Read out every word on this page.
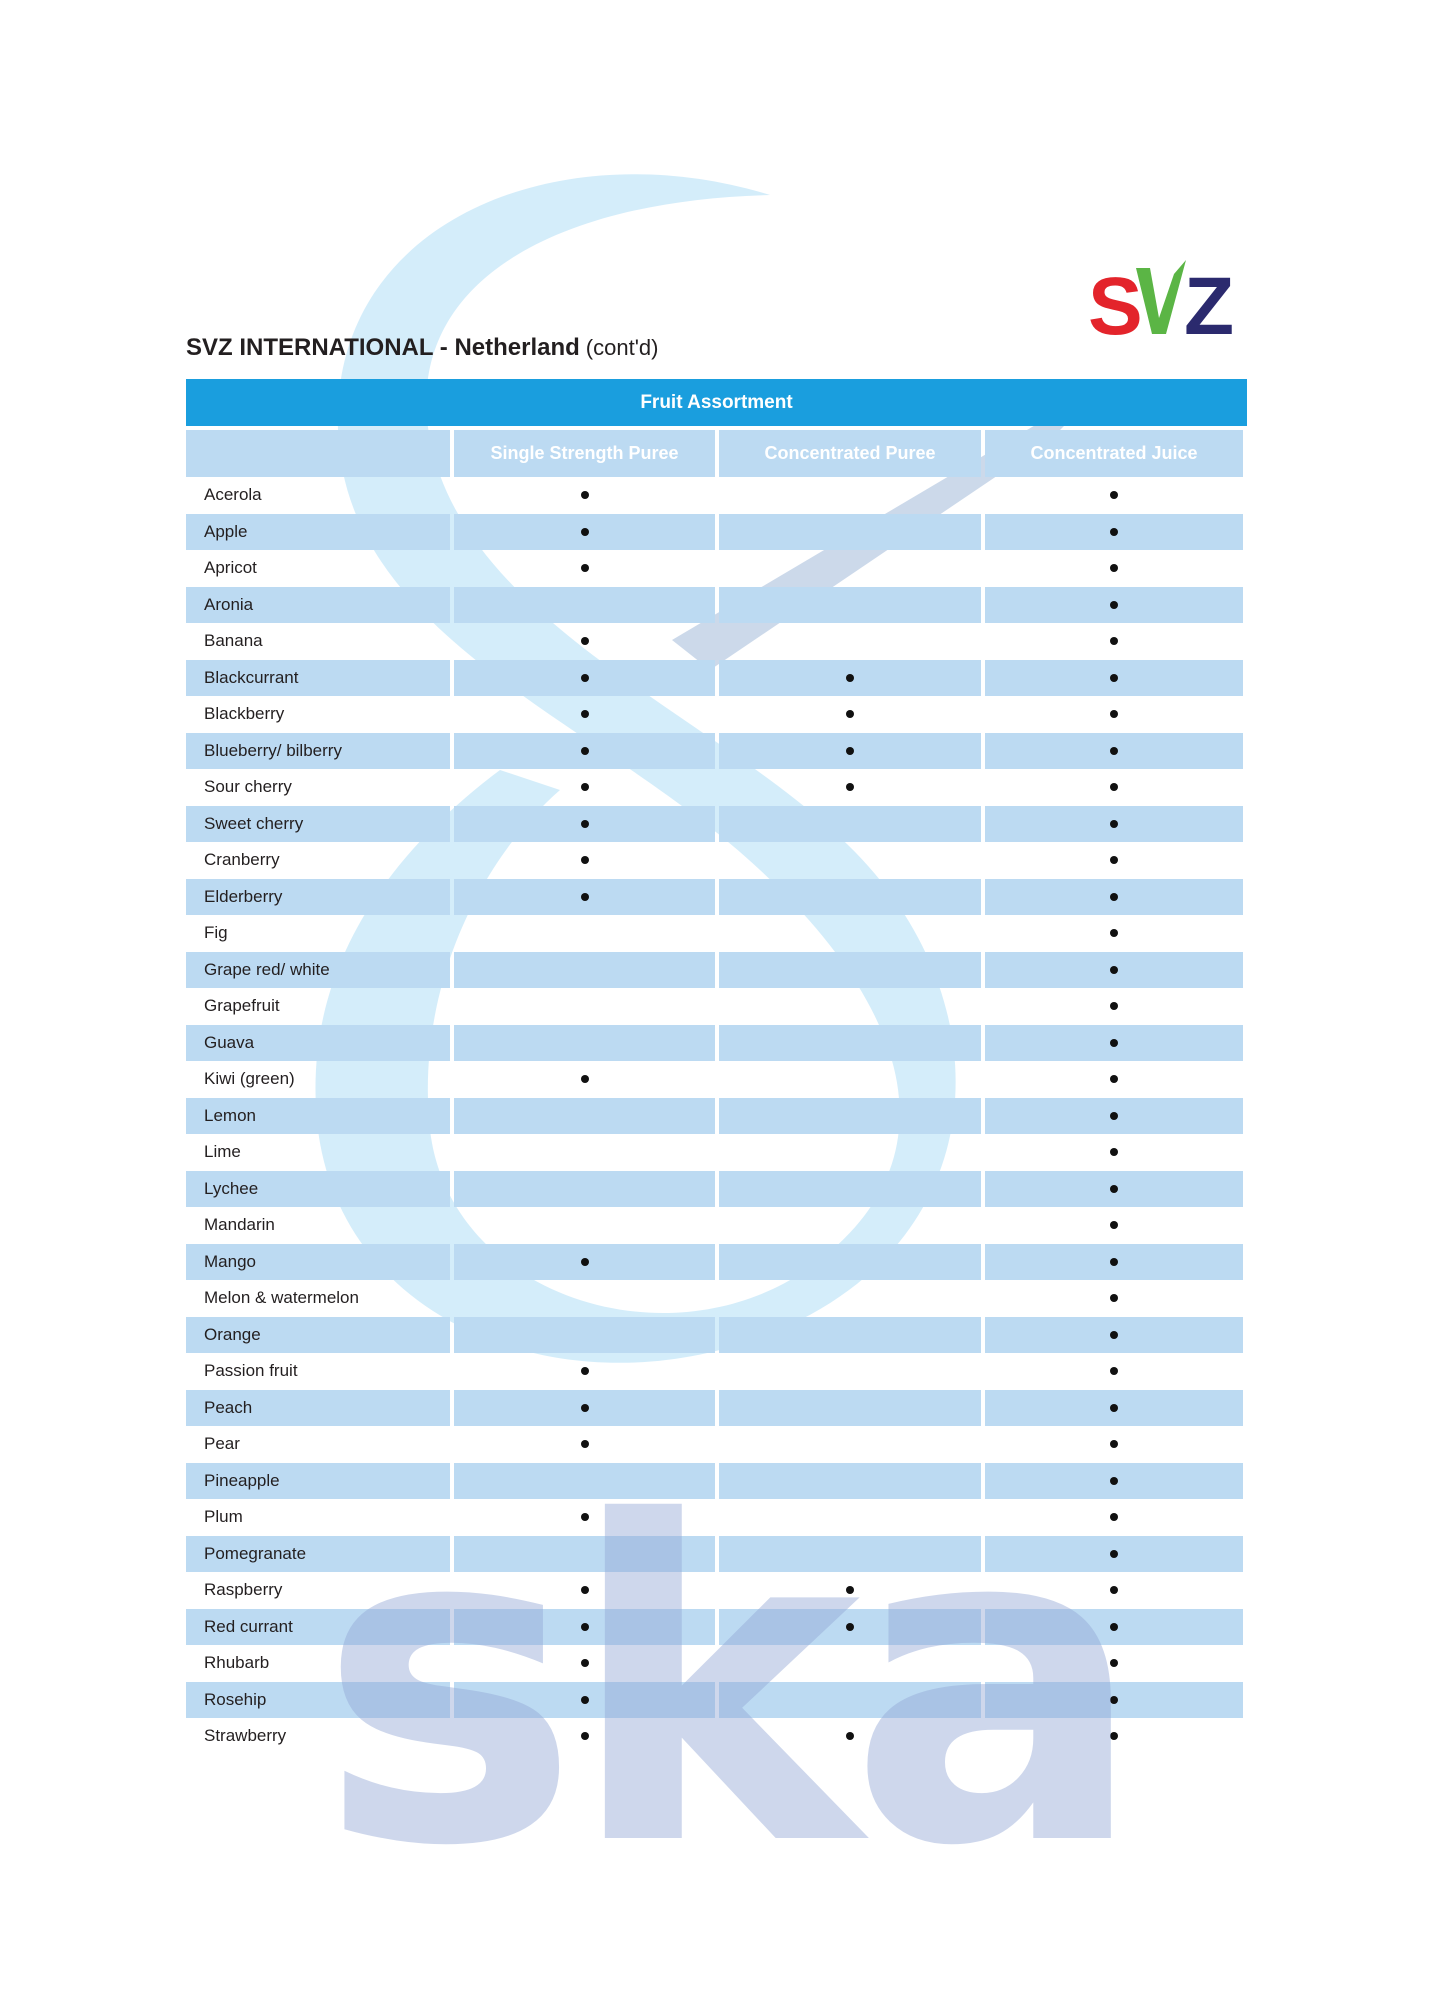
S Z
SVZ INTERNATIONAL - Netherland (cont'd)
Fruit Assortment
Single Strength Puree	Concentrated Puree	Concentrated Juice
Acerola
Apple
Apricot
Aronia
Banana
Blackcurrant
Blackberry
Blueberry/ bilberry
Sour cherry
Sweet cherry
Cranberry
Elderberry
Fig
Grape red/ white
Grapefruit
Guava
Kiwi (green)
Lemon
Lime
Lychee
Mandarin
Mango
Melon & watermelon
Orange
Passion fruit
Peach
Pear
Pineapple
Plum
Pomegranate
Raspberry
Red currant
Rhubarb
Rosehip
Strawberry ska
